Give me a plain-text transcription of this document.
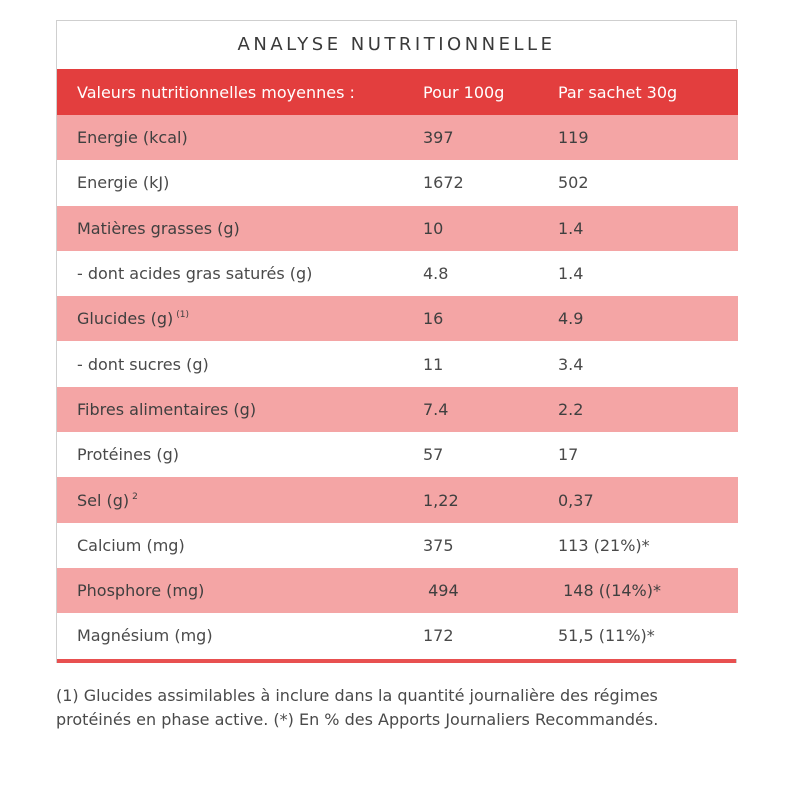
ANALYSE NUTRITIONNELLE
Valeurs nutritionnelles moyennes :	Pour 100g	Par sachet 30g
Energie (kcal)	397	119
Energie (kJ)	1672	502
Matières grasses (g)	10	1.4
- dont acides gras saturés (g)	4.8	1.4
Glucides (g) $^{(1)}$	16	4.9
- dont sucres (g)	11	3.4
Fibres alimentaires (g)	7.4	2.2
Protéines (g)	57	17
Sel (g) $^2$	1,22	0,37
Calcium (mg)	375	113 (21%)*
Phosphore (mg)	494	148 ((14%)*
Magnésium (mg)	172	51,5 (11%)*
(1) Glucides assimilables à inclure dans la quantité journalière des régimes protéinés en phase active. (*) En % des Apports Journaliers Recommandés.
